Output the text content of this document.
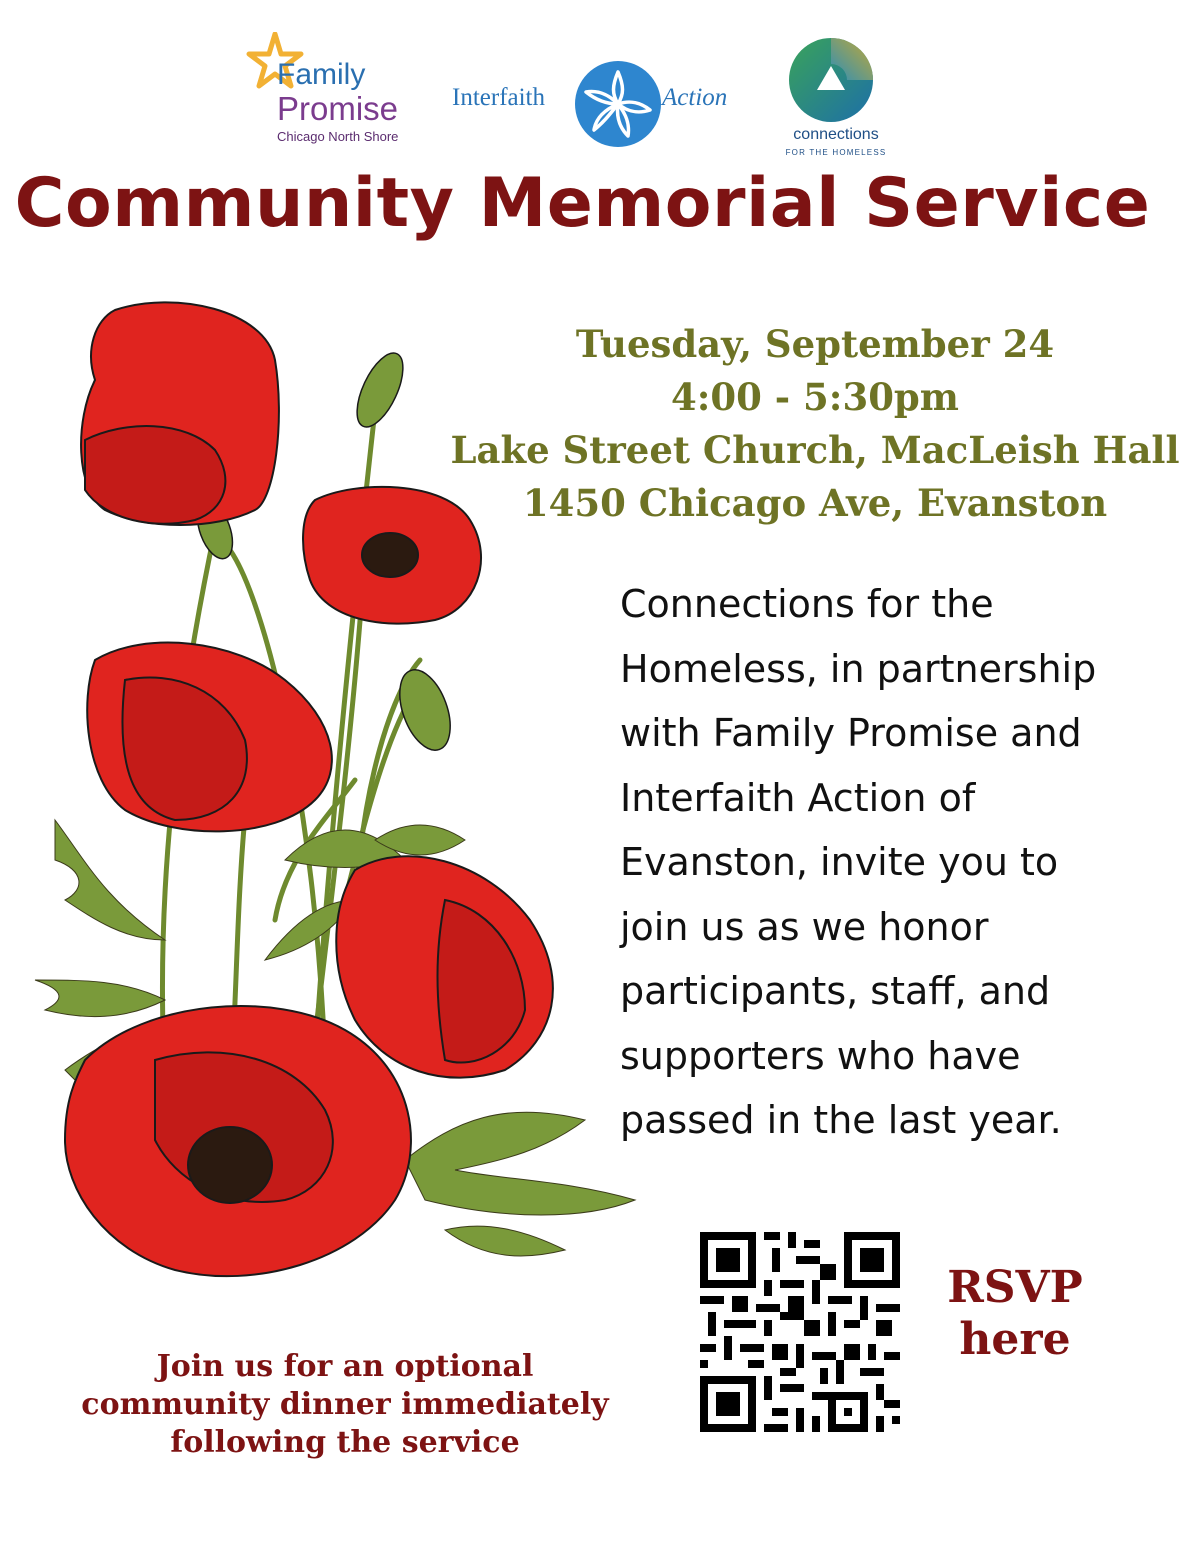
Family
Promise
Chicago North Shore
Interfaith	Action
connections
FOR THE HOMELESS
Community Memorial Service
Tuesday, September 24
4:00 - 5:30pm
Lake Street Church, MacLeish Hall
1450 Chicago Ave, Evanston
Connections for the
Homeless, in partnership
with Family Promise and
Interfaith Action of
Evanston, invite you to
join us as we honor
participants, staff, and
supporters who have
passed in the last year.
Join us for an optional
community dinner immediately
following the service
RSVP
here
